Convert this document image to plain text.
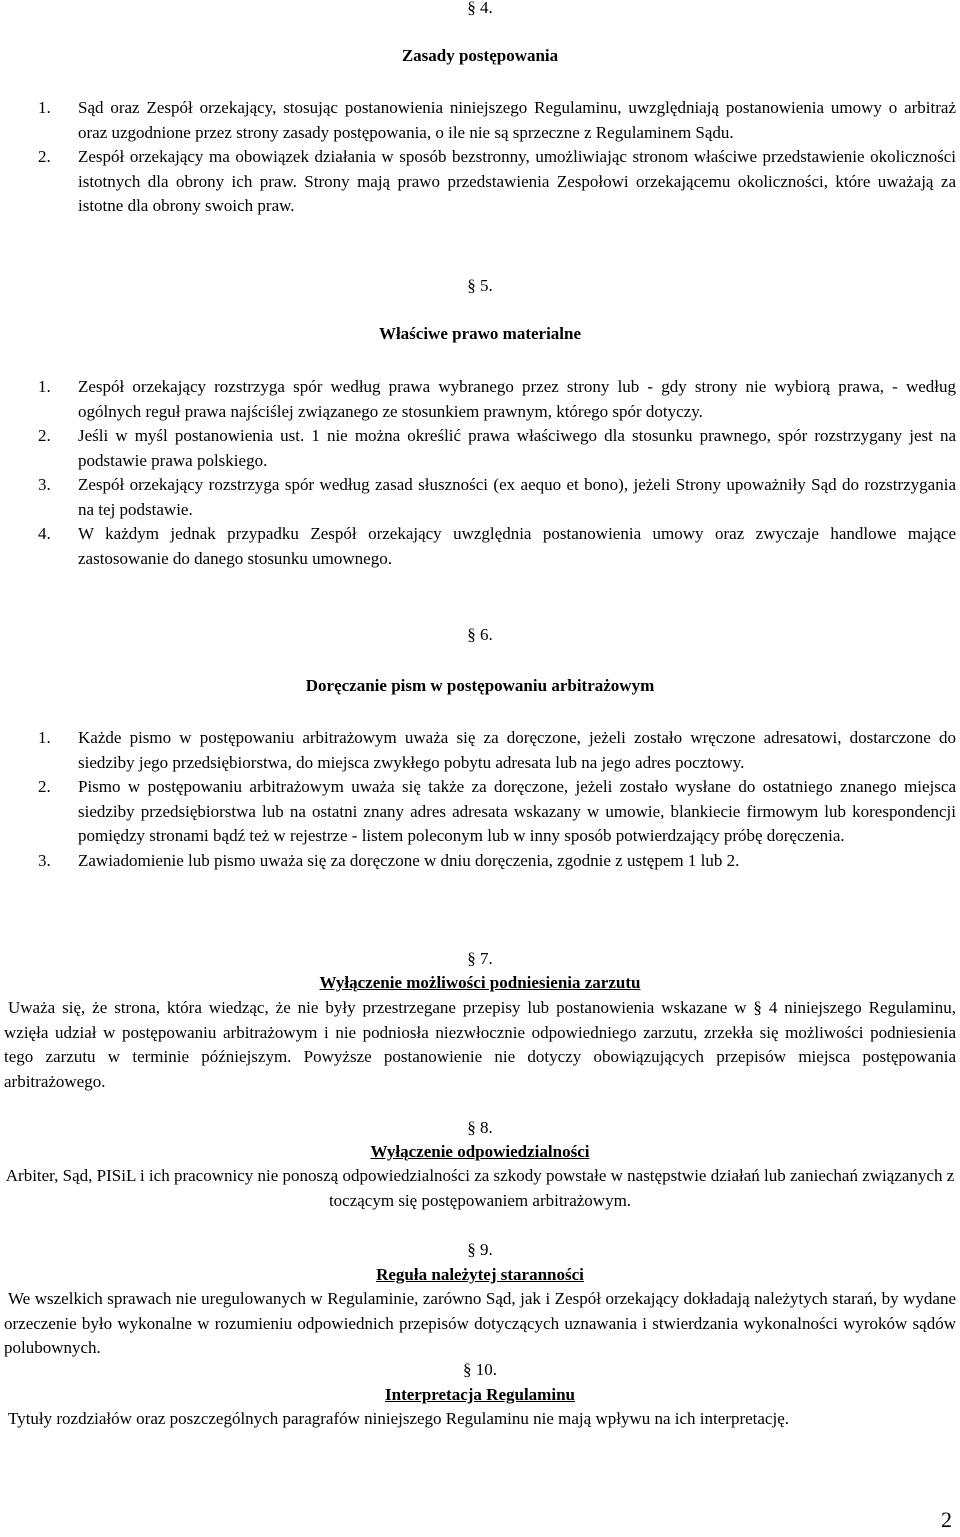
§ 4.

Zasady postępowania

1. Sąd oraz Zespół orzekający, stosując postanowienia niniejszego Regulaminu, uwzględniają postanowienia umowy o arbitraż oraz uzgodnione przez strony zasady postępowania, o ile nie są sprzeczne z Regulaminem Sądu.
2. Zespół orzekający ma obowiązek działania w sposób bezstronny, umożliwiając stronom właściwe przedstawienie okoliczności istotnych dla obrony ich praw. Strony mają prawo przedstawienia Zespołowi orzekającemu okoliczności, które uważają za istotne dla obrony swoich praw.

§ 5.

Właściwe prawo materialne

1. Zespół orzekający rozstrzyga spór według prawa wybranego przez strony lub - gdy strony nie wybiorą prawa, - według ogólnych reguł prawa najściślej związanego ze stosunkiem prawnym, którego spór dotyczy.
2. Jeśli w myśl postanowienia ust. 1 nie można określić prawa właściwego dla stosunku prawnego, spór rozstrzygany jest na podstawie prawa polskiego.
3. Zespół orzekający rozstrzyga spór według zasad słuszności (ex aequo et bono), jeżeli Strony upoważniły Sąd do rozstrzygania na tej podstawie.
4. W każdym jednak przypadku Zespół orzekający uwzględnia postanowienia umowy oraz zwyczaje handlowe mające zastosowanie do danego stosunku umownego.

§ 6.

Doręczanie pism w postępowaniu arbitrażowym

1. Każde pismo w postępowaniu arbitrażowym uważa się za doręczone, jeżeli zostało wręczone adresatowi, dostarczone do siedziby jego przedsiębiorstwa, do miejsca zwykłego pobytu adresata lub na jego adres pocztowy.
2. Pismo w postępowaniu arbitrażowym uważa się także za doręczone, jeżeli zostało wysłane do ostatniego znanego miejsca siedziby przedsiębiorstwa lub na ostatni znany adres adresata wskazany w umowie, blankiecie firmowym lub korespondencji pomiędzy stronami bądź też w rejestrze - listem poleconym lub w inny sposób potwierdzający próbę doręczenia.
3. Zawiadomienie lub pismo uważa się za doręczone w dniu doręczenia, zgodnie z ustępem 1 lub 2.

§ 7.

Wyłączenie możliwości podniesienia zarzutu

Uważa się, że strona, która wiedząc, że nie były przestrzegane przepisy lub postanowienia wskazane w § 4 niniejszego Regulaminu, wzięła udział w postępowaniu arbitrażowym i nie podniosła niezwłocznie odpowiedniego zarzutu, zrzekła się możliwości podniesienia tego zarzutu w terminie późniejszym. Powyższe postanowienie nie dotyczy obowiązujących przepisów miejsca postępowania arbitrażowego.

§ 8.

Wyłączenie odpowiedzialności

Arbiter, Sąd, PISiL i ich pracownicy nie ponoszą odpowiedzialności za szkody powstałe w następstwie działań lub zaniechań związanych z toczącym się postępowaniem arbitrażowym.

§ 9.

Reguła należytej staranności

We wszelkich sprawach nie uregulowanych w Regulaminie, zarówno Sąd, jak i Zespół orzekający dokładają należytych starań, by wydane orzeczenie było wykonalne w rozumieniu odpowiednich przepisów dotyczących uznawania i stwierdzania wykonalności wyroków sądów polubownych.

§ 10.

Interpretacja Regulaminu

Tytuły rozdziałów oraz poszczególnych paragrafów niniejszego Regulaminu nie mają wpływu na ich interpretację.

2
